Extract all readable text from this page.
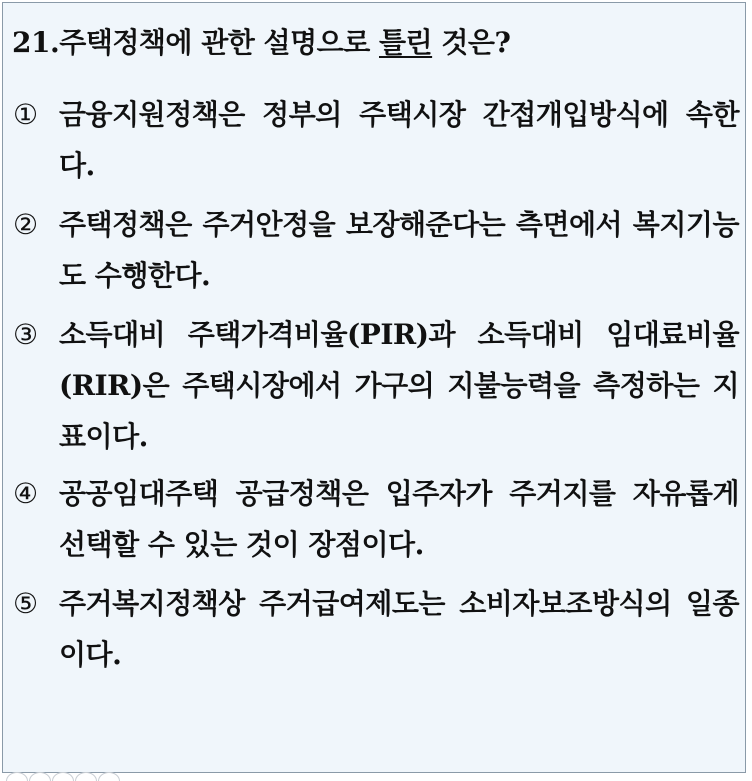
21.주택정책에 관한 설명으로 틀린 것은?
① 금융지원정책은 정부의 주택시장 간접개입방식에 속한다.
② 주택정책은 주거안정을 보장해준다는 측면에서 복지기능도 수행한다.
③ 소득대비 주택가격비율(PIR)과 소득대비 임대료비율(RIR)은 주택시장에서 가구의 지불능력을 측정하는 지표이다.
④ 공공임대주택 공급정책은 입주자가 주거지를 자유롭게 선택할 수 있는 것이 장점이다.
⑤ 주거복지정책상 주거급여제도는 소비자보조방식의 일종이다.
